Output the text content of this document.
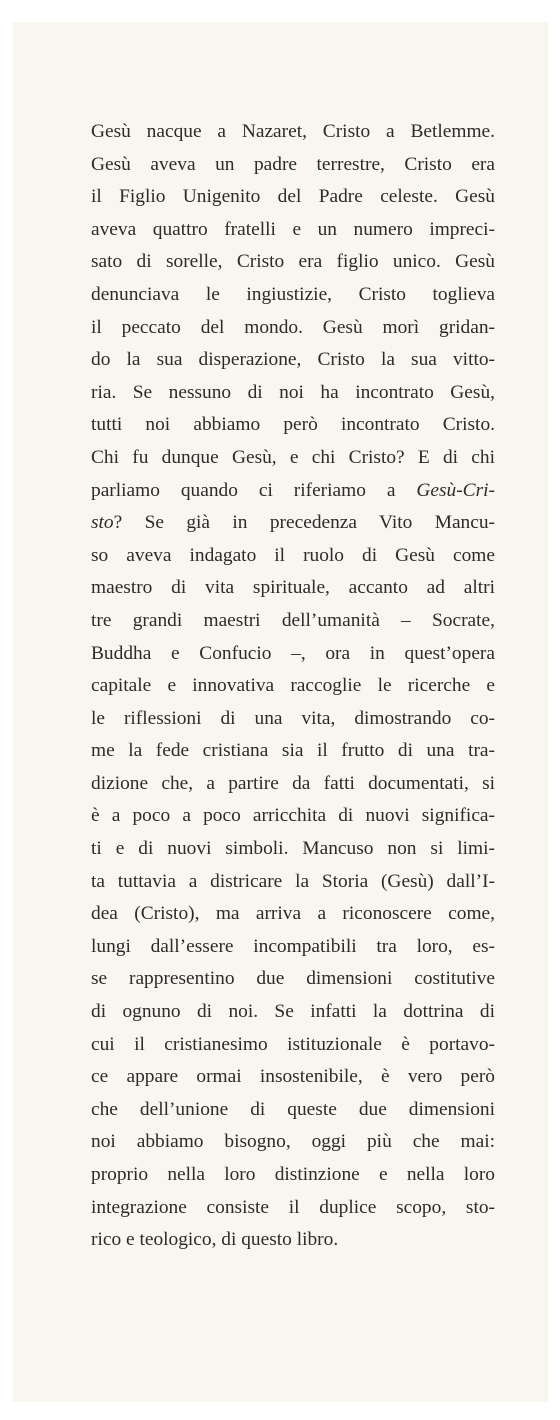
Gesù nacque a Nazaret, Cristo a Betlemme.
Gesù aveva un padre terrestre, Cristo era
il Figlio Unigenito del Padre celeste. Gesù
aveva quattro fratelli e un numero impreci-
sato di sorelle, Cristo era figlio unico. Gesù
denunciava le ingiustizie, Cristo toglieva
il peccato del mondo. Gesù morì gridan-
do la sua disperazione, Cristo la sua vitto-
ria. Se nessuno di noi ha incontrato Gesù,
tutti noi abbiamo però incontrato Cristo.
Chi fu dunque Gesù, e chi Cristo? E di chi
parliamo quando ci riferiamo a Gesù-Cri-
sto? Se già in precedenza Vito Mancu-
so aveva indagato il ruolo di Gesù come
maestro di vita spirituale, accanto ad altri
tre grandi maestri dell’umanità – Socrate,
Buddha e Confucio –, ora in quest’opera
capitale e innovativa raccoglie le ricerche e
le riflessioni di una vita, dimostrando co-
me la fede cristiana sia il frutto di una tra-
dizione che, a partire da fatti documentati, si
è a poco a poco arricchita di nuovi significa-
ti e di nuovi simboli. Mancuso non si limi-
ta tuttavia a districare la Storia (Gesù) dall’I-
dea (Cristo), ma arriva a riconoscere come,
lungi dall’essere incompatibili tra loro, es-
se rappresentino due dimensioni costitutive
di ognuno di noi. Se infatti la dottrina di
cui il cristianesimo istituzionale è portavo-
ce appare ormai insostenibile, è vero però
che dell’unione di queste due dimensioni
noi abbiamo bisogno, oggi più che mai:
proprio nella loro distinzione e nella loro
integrazione consiste il duplice scopo, sto-
rico e teologico, di questo libro.
